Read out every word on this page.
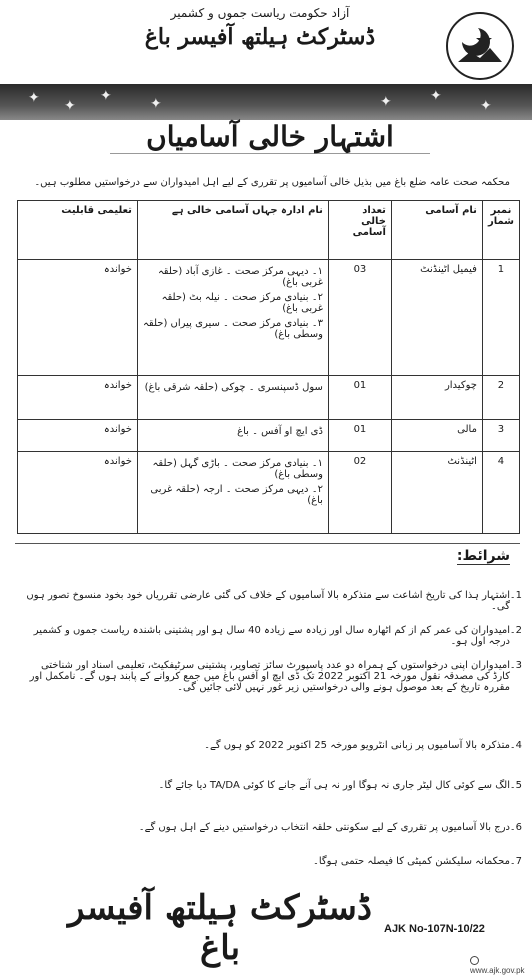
آزاد حکومت ریاست جموں و کشمیر
ڈسٹرکٹ ہیلتھ آفیسر باغ
✦ ✦
✦	✦	✦	✦
✦
اشتہار خالی آسامیاں
محکمہ صحت عامہ ضلع باغ میں بذیل خالی آسامیوں پر تقرری کے لیے اہل امیدواران سے درخواستیں مطلوب ہیں۔
نمبر شمار	نام آسامی	تعداد خالی آسامی	نام ادارہ جہاں آسامی خالی ہے	تعلیمی قابلیت
1	فیمیل اٹینڈنٹ	03	۱۔ دیہی مرکز صحت ۔ غازی آباد (حلقہ غربی باغ)
۲۔ بنیادی مرکز صحت ۔ نیلہ بٹ (حلقہ غربی باغ)
۳۔ بنیادی مرکز صحت ۔ سیری پیراں (حلقہ وسطی باغ)	خواندہ
2	چوکیدار	01	سول ڈسپنسری ۔ چوکی (حلقہ شرقی باغ)	خواندہ
3	مالی	01	ڈی ایچ او آفس ۔ باغ	خواندہ
4	اٹینڈنٹ	02	۱۔ بنیادی مرکز صحت ۔ باڑی گہل (حلقہ وسطی باغ)
۲۔ دیہی مرکز صحت ۔ ارجہ (حلقہ غربی باغ)	خواندہ
شرائط:
1۔
اشتہار ہذا کی تاریخ اشاعت سے متذکرہ بالا آسامیوں کے خلاف کی گئی عارضی تقرریاں خود بخود منسوخ تصور ہوں گی۔
2۔
امیدواران کی عمر کم از کم اٹھارہ سال اور زیادہ سے زیادہ 40 سال ہو اور پشتینی باشندہ ریاست جموں و کشمیر درجہ اول ہو۔
3۔
امیدواران اپنی درخواستوں کے ہمراہ دو عدد پاسپورٹ سائز تصاویر، پشتینی سرٹیفکیٹ، تعلیمی اسناد اور شناختی کارڈ کی مصدقہ نقول مورخہ 21 اکتوبر 2022 تک ڈی ایچ او آفس باغ میں جمع کروانے کے پابند ہوں گے۔ نامکمل اور مقررہ تاریخ کے بعد موصول ہونے والی درخواستیں زیر غور نہیں لائی جائیں گی۔
4۔
متذکرہ بالا آسامیوں پر زبانی انٹرویو مورخہ 25 اکتوبر 2022 کو ہوں گے۔
5۔
الگ سے کوئی کال لیٹر جاری نہ ہوگا اور نہ ہی آنے جانے کا کوئی TA/DA دیا جائے گا۔
6۔
درج بالا آسامیوں پر تقرری کے لیے سکونتی حلقہ انتخاب درخواستیں دینے کے اہل ہوں گے۔
7۔
محکمانہ سلیکشن کمیٹی کا فیصلہ حتمی ہوگا۔
ڈسٹرکٹ ہیلتھ آفیسر باغ	AJK No-107N-10/22
www.ajk.gov.pk
